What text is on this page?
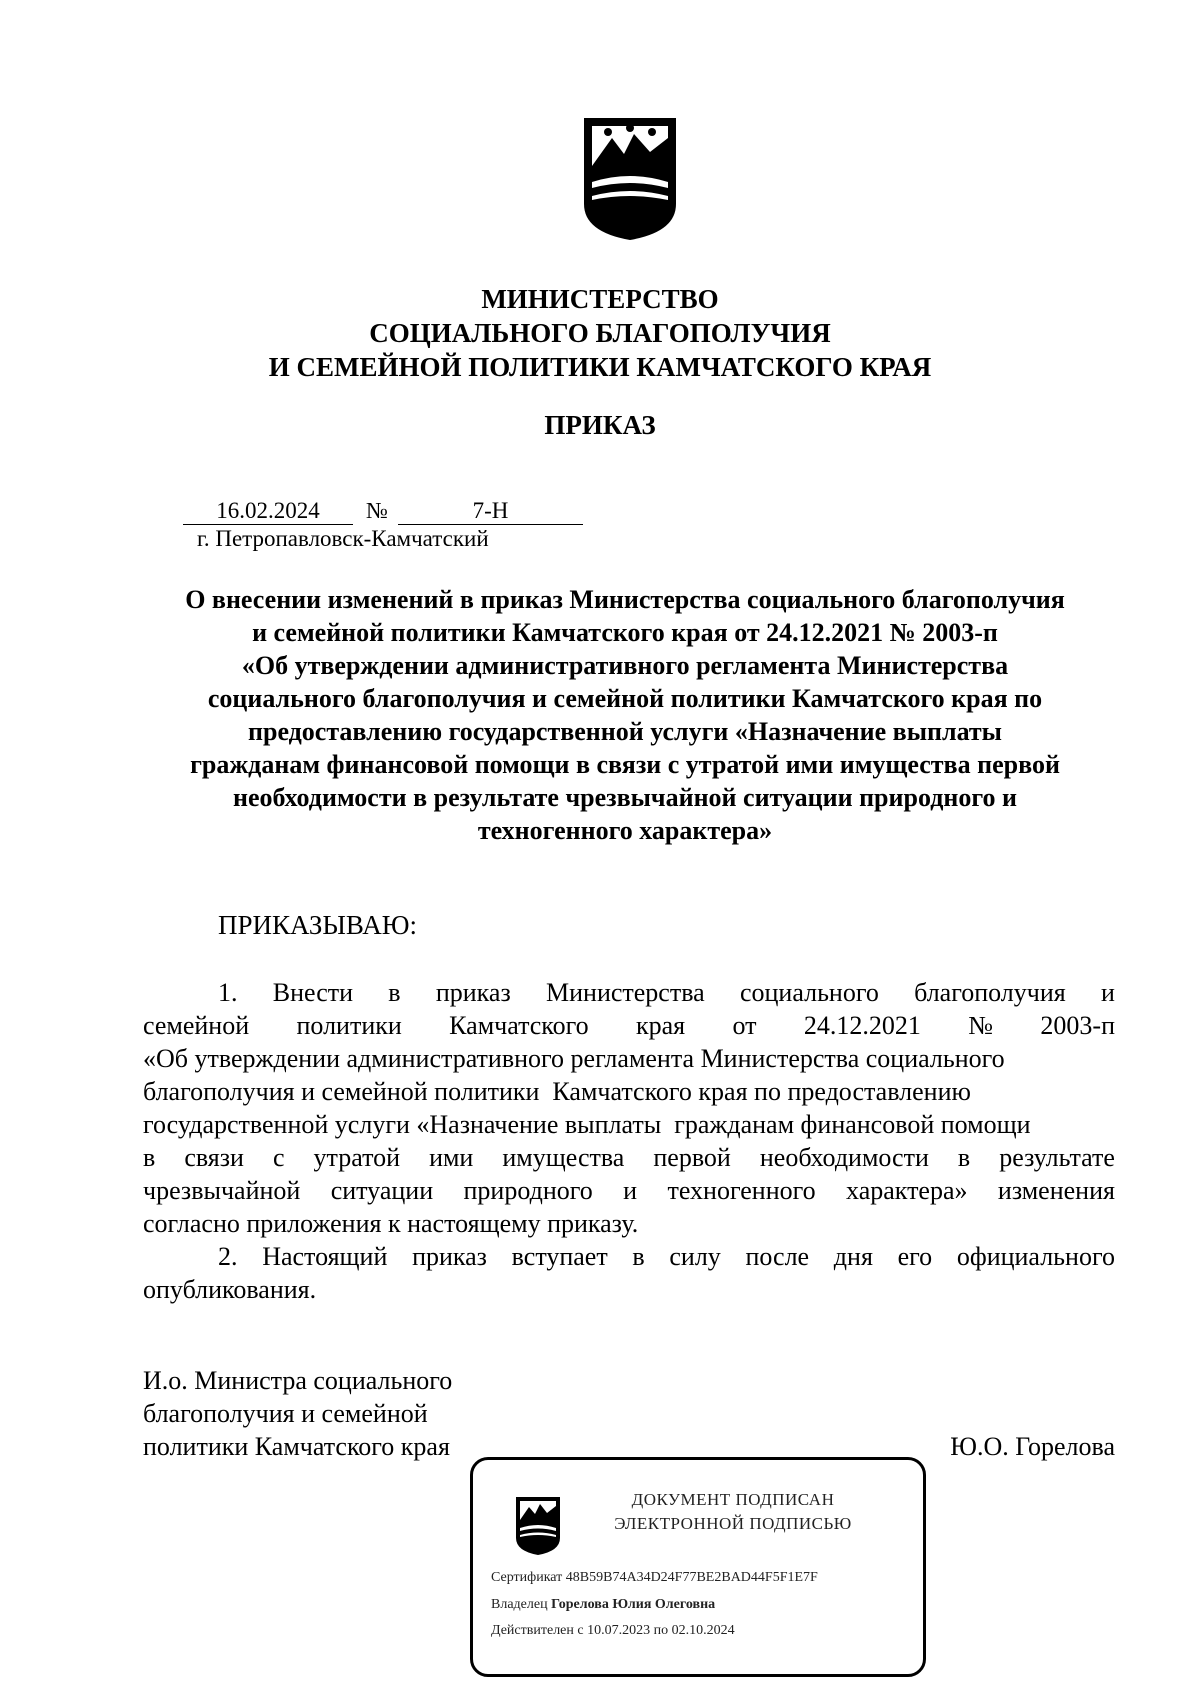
МИНИСТЕРСТВО
СОЦИАЛЬНОГО БЛАГОПОЛУЧИЯ
И СЕМЕЙНОЙ ПОЛИТИКИ КАМЧАТСКОГО КРАЯ
ПРИКАЗ
16.02.2024	№	7-Н
г. Петропавловск-Камчатский
О внесении изменений в приказ Министерства социального благополучия
и семейной политики Камчатского края от 24.12.2021 № 2003-п
«Об утверждении административного регламента Министерства
социального благополучия и семейной политики Камчатского края по
предоставлению государственной услуги «Назначение выплаты
гражданам финансовой помощи в связи с утратой ими имущества первой
необходимости в результате чрезвычайной ситуации природного и
техногенного характера»
ПРИКАЗЫВАЮ:
1. Внести в приказ Министерства социального благополучия и
семейной политики Камчатского края от 24.12.2021 № 2003-п
«Об утверждении административного регламента Министерства социального
благополучия и семейной политики  Камчатского края по предоставлению
государственной услуги «Назначение выплаты  гражданам финансовой помощи
в связи с утратой ими имущества первой необходимости в результате
чрезвычайной ситуации природного и техногенного характера» изменения
согласно приложения к настоящему приказу.
2. Настоящий приказ вступает в силу после дня его официального
опубликования.
И.о. Министра социального
благополучия и семейной
политики Камчатского края	Ю.О. Горелова
ДОКУМЕНТ ПОДПИСАН
ЭЛЕКТРОННОЙ ПОДПИСЬЮ
Сертификат 48B59B74A34D24F77BE2BAD44F5F1E7F
Владелец Горелова Юлия Олеговна
Действителен с 10.07.2023 по 02.10.2024
